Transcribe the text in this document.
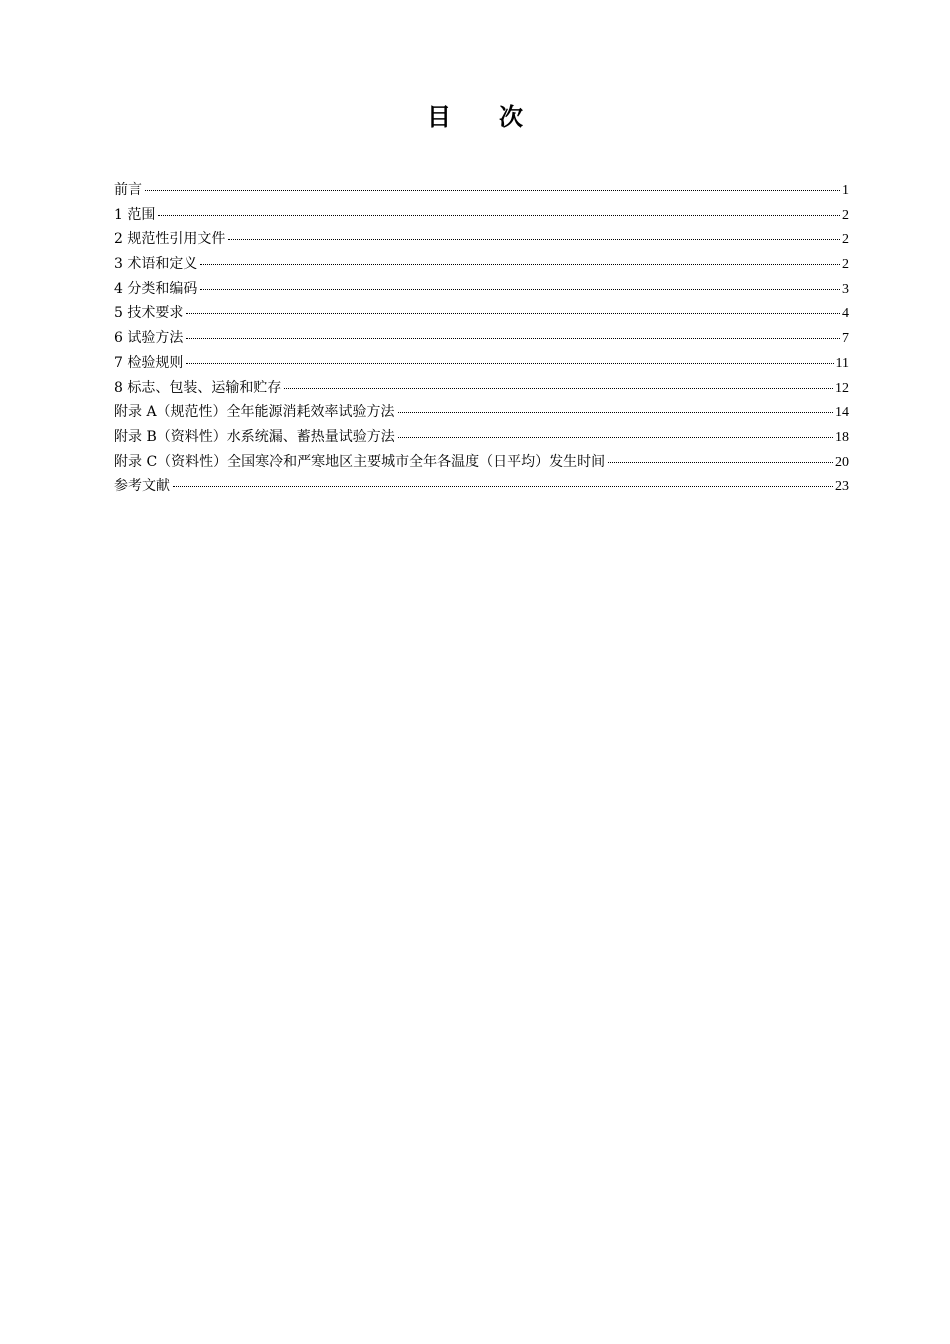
目　　次
前言	1
1 范围	2
2 规范性引用文件	2
3 术语和定义	2
4 分类和编码	3
5 技术要求	4
6 试验方法	7
7 检验规则	11
8 标志、包装、运输和贮存	12
附录 A（规范性）全年能源消耗效率试验方法	14
附录 B（资料性）水系统漏、蓄热量试验方法	18
附录 C（资料性）全国寒冷和严寒地区主要城市全年各温度（日平均）发生时间	20
参考文献	23
